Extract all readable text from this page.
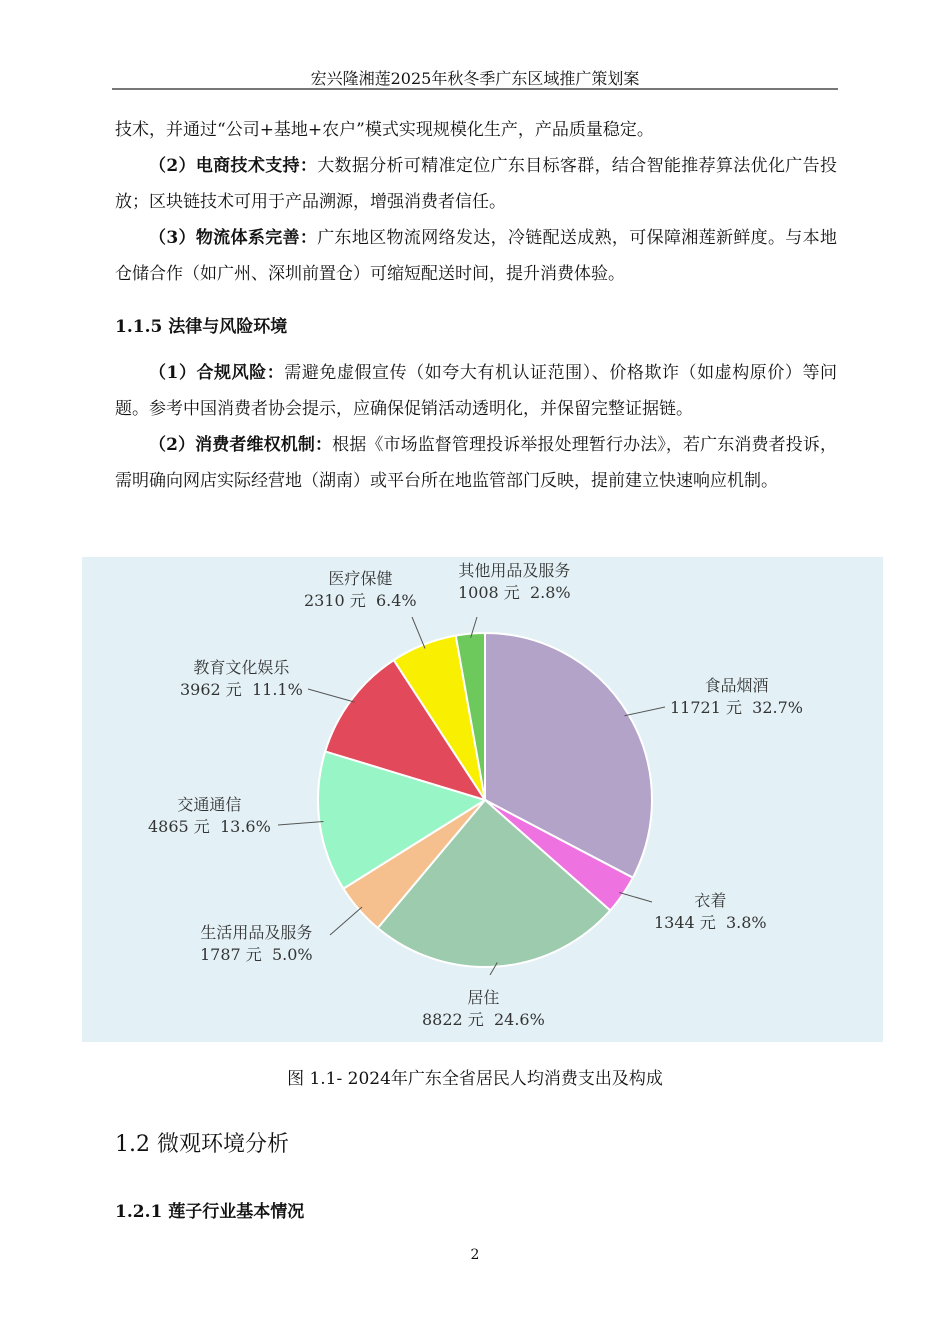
宏兴隆湘莲2025年秋冬季广东区域推广策划案
技术，并通过“公司+基地+农户”模式实现规模化生产，产品质量稳定。
（2）电商技术支持：大数据分析可精准定位广东目标客群，结合智能推荐算法优化广告投放；区块链技术可用于产品溯源，增强消费者信任。
（3）物流体系完善：广东地区物流网络发达，冷链配送成熟，可保障湘莲新鲜度。与本地仓储合作（如广州、深圳前置仓）可缩短配送时间，提升消费体验。
1.1.5 法律与风险环境
（1）合规风险：需避免虚假宣传（如夸大有机认证范围）、价格欺诈（如虚构原价）等问题。参考中国消费者协会提示，应确保促销活动透明化，并保留完整证据链。
（2）消费者维权机制：根据《市场监督管理投诉举报处理暂行办法》，若广东消费者投诉，需明确向网店实际经营地（湖南）或平台所在地监管部门反映，提前建立快速响应机制。
食品烟酒
11721 元 32.7%
衣着
1344 元 3.8%
居住
8822 元 24.6%
生活用品及服务
1787 元 5.0%
交通通信
4865 元 13.6%
教育文化娱乐
3962 元 11.1%
医疗保健
2310 元 6.4%
其他用品及服务
1008 元 2.8%
图 1.1- 2024年广东全省居民人均消费支出及构成
1.2 微观环境分析
1.2.1 莲子行业基本情况
2
